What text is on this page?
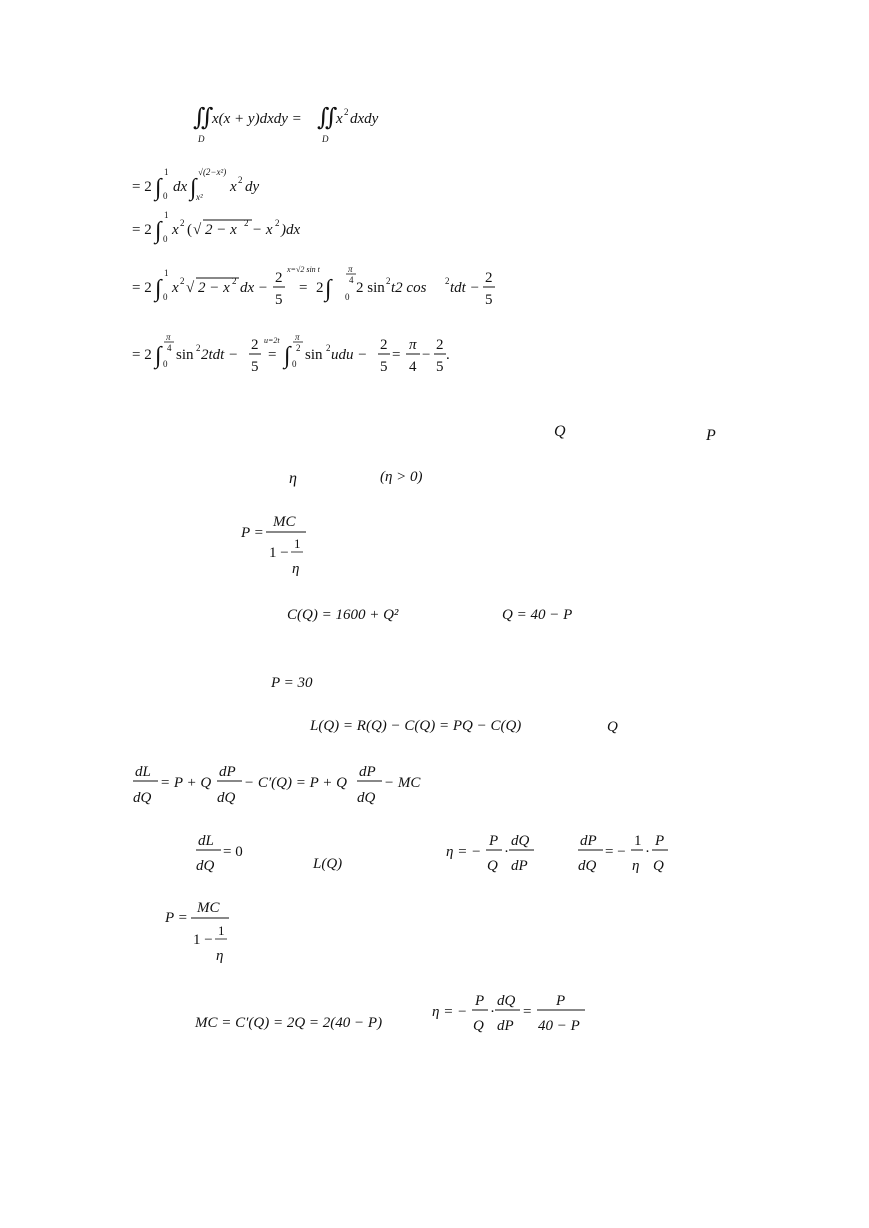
∬
D
x(x + y)dxdy = ∬
D
x 2 dxdy
= 2 ∫
1
0
dx ∫
√(2−x²)
x²
x 2 dy
= 2 ∫
1
0
x 2 ( √ 2 − x 2 − x 2 )dx
= 2 ∫
1
0
x 2 √ 2 − x 2 dx −
2
5
x=√2 sin t
= 2 ∫
π
4
0
2 sin 2 t2 cos 2 tdt −
2
5
= 2 ∫
π
4
0
sin 2 2tdt −
2
5
u=2t
= ∫
π
2
0
sin 2 udu −
2
5
=
π
4
−
2
5
.
Q	P
η	(η > 0)
P =
MC
1 −
1
η
C(Q) = 1600 + Q²	Q = 40 − P
P = 30
L(Q) = R(Q) − C(Q) = PQ − C(Q)	Q
dL
dQ
= P + Q
dP
dQ
− C′(Q) = P + Q
dP
dQ
− MC
dL
dQ
= 0
L(Q)
η = −
P
Q
·
dQ
dP
dP
dQ
= −
1
η
·
P
Q
P =
MC
1 −
1
η
MC = C′(Q) = 2Q = 2(40 − P)
η = −
P
Q
·
dQ
dP
=
P
40 − P
